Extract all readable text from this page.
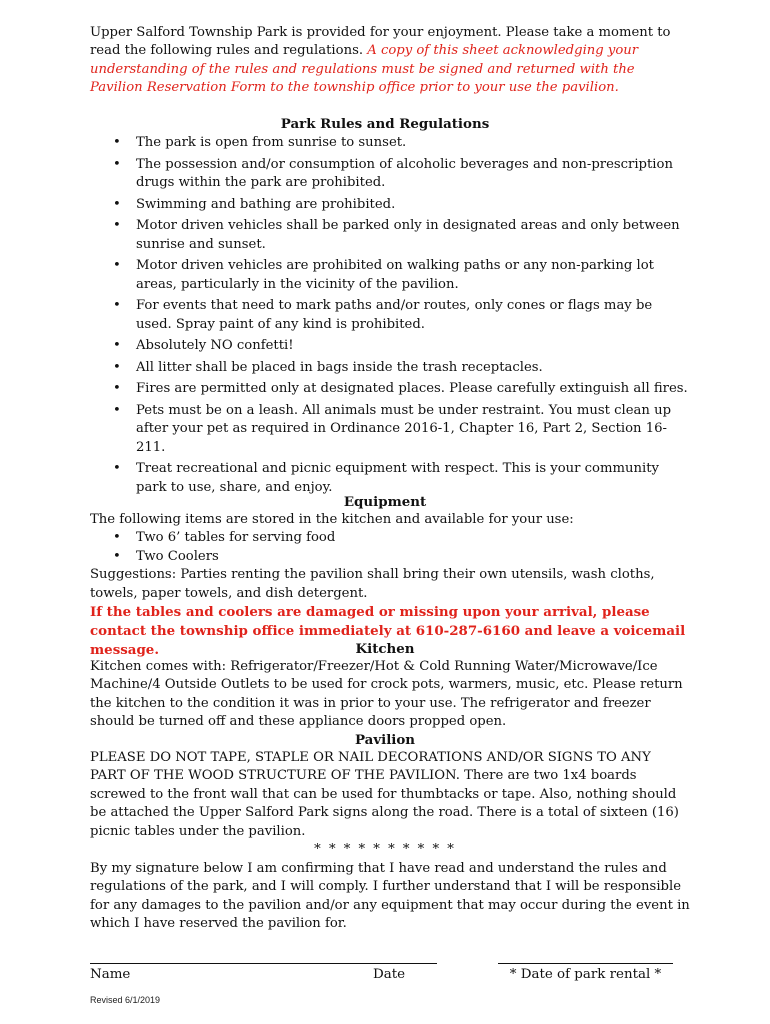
Upper Salford Township Park is provided for your enjoyment. Please take a moment to read the following rules and regulations. A copy of this sheet acknowledging your understanding of the rules and regulations must be signed and returned with the Pavilion Reservation Form to the township office prior to your use the pavilion.
Park Rules and Regulations
• The park is open from sunrise to sunset.
• The possession and/or consumption of alcoholic beverages and non-prescription drugs within the park are prohibited.
• Swimming and bathing are prohibited.
• Motor driven vehicles shall be parked only in designated areas and only between sunrise and sunset.
• Motor driven vehicles are prohibited on walking paths or any non-parking lot areas, particularly in the vicinity of the pavilion.
• For events that need to mark paths and/or routes, only cones or flags may be used. Spray paint of any kind is prohibited.
• Absolutely NO confetti!
• All litter shall be placed in bags inside the trash receptacles.
• Fires are permitted only at designated places. Please carefully extinguish all fires.
• Pets must be on a leash. All animals must be under restraint. You must clean up after your pet as required in Ordinance 2016-1, Chapter 16, Part 2, Section 16-211.
• Treat recreational and picnic equipment with respect. This is your community park to use, share, and enjoy.
Equipment
The following items are stored in the kitchen and available for your use:
• Two 6’ tables for serving food
• Two Coolers
Suggestions: Parties renting the pavilion shall bring their own utensils, wash cloths, towels, paper towels, and dish detergent.
If the tables and coolers are damaged or missing upon your arrival, please contact the township office immediately at 610-287-6160 and leave a voicemail message.	Kitchen
Kitchen comes with: Refrigerator/Freezer/Hot & Cold Running Water/Microwave/Ice Machine/4 Outside Outlets to be used for crock pots, warmers, music, etc. Please return the kitchen to the condition it was in prior to your use. The refrigerator and freezer should be turned off and these appliance doors propped open.
Pavilion
PLEASE DO NOT TAPE, STAPLE OR NAIL DECORATIONS AND/OR SIGNS TO ANY PART OF THE WOOD STRUCTURE OF THE PAVILION. There are two 1x4 boards screwed to the front wall that can be used for thumbtacks or tape. Also, nothing should be attached the Upper Salford Park signs along the road. There is a total of sixteen (16) picnic tables under the pavilion.
* * * * * * * * * *
By my signature below I am confirming that I have read and understand the rules and regulations of the park, and I will comply. I further understand that I will be responsible for any damages to the pavilion and/or any equipment that may occur during the event in which I have reserved the pavilion for.
Name	Date	* Date of park rental *
Revised 6/1/2019
